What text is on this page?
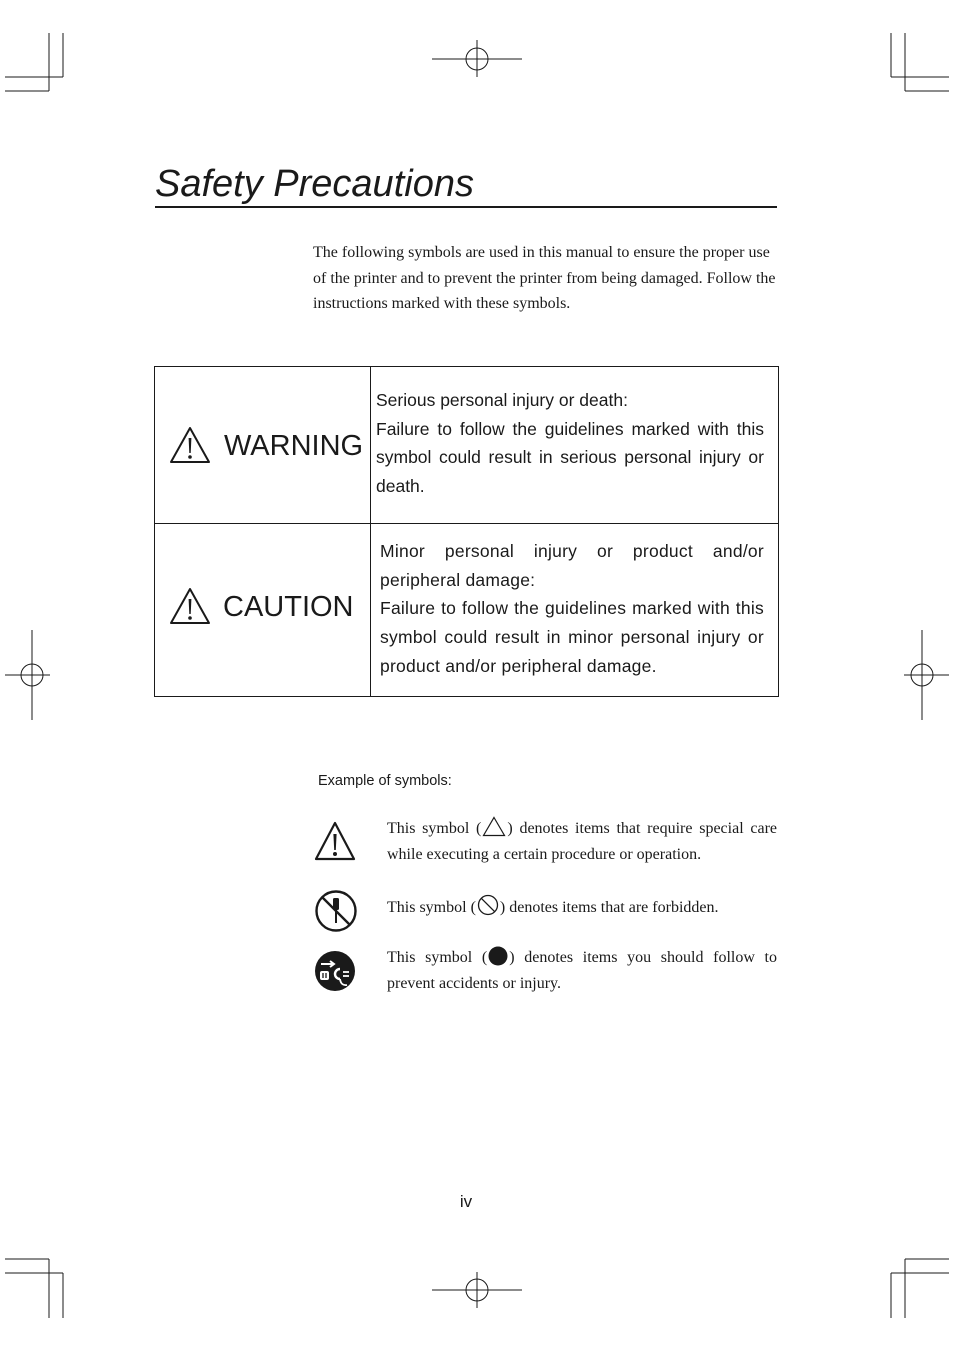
Safety Precautions
The following symbols are used in this manual to ensure the proper use of the printer and to prevent the printer from being damaged. Follow the instructions marked with these symbols.
WARNING

Serious personal injury or death:

Failure to follow the guidelines marked with this symbol could result in serious personal injury or death.

CAUTION

Minor personal injury or product and/or peripheral damage:

Failure to follow the guidelines marked with this symbol could result in minor personal injury or product and/or peripheral damage.

Example of symbols:
This symbol ( ) denotes items that require special care while executing a certain procedure or operation.
This symbol ( ) denotes items that are forbidden.
This symbol ( ) denotes items you should follow to prevent accidents or injury.
iv
